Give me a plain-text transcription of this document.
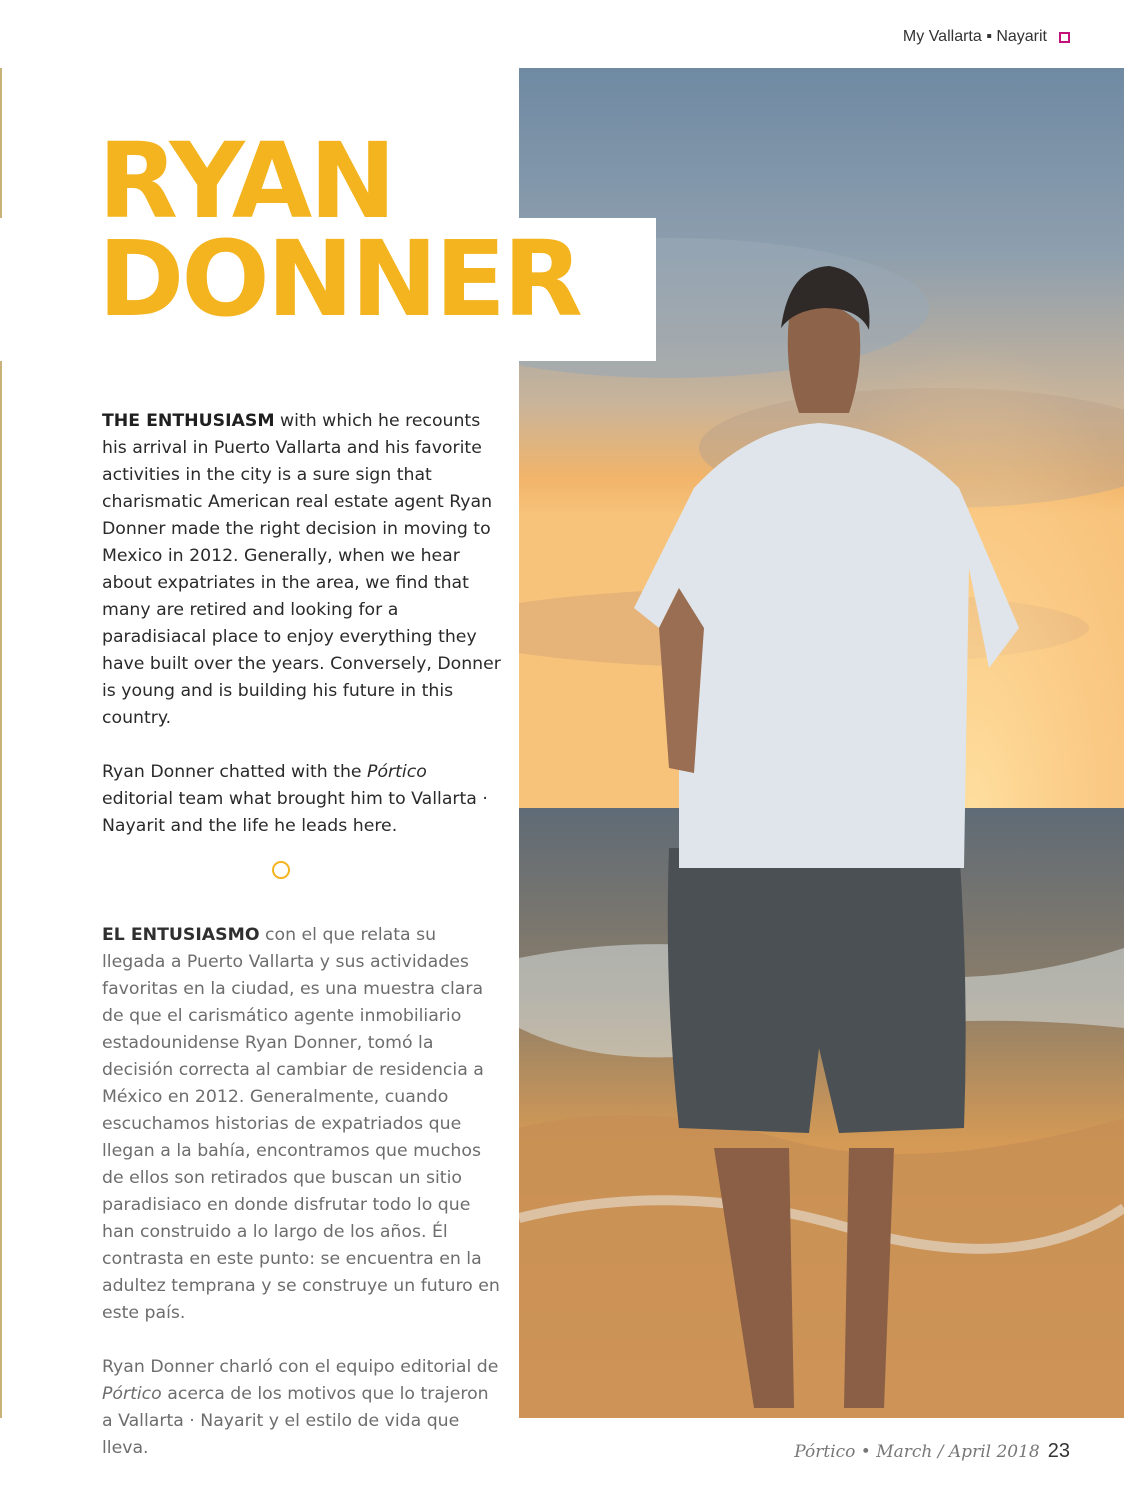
My Vallarta ▪ Nayarit
RYAN
DONNER

THE ENTHUSIASM with which he recounts his arrival in Puerto Vallarta and his favorite activities in the city is a sure sign that charismatic American real estate agent Ryan Donner made the right decision in moving to Mexico in 2012. Generally, when we hear about expatriates in the area, we find that many are retired and looking for a paradisiacal place to enjoy everything they have built over the years. Conversely, Donner is young and is building his future in this country.

Ryan Donner chatted with the Pórtico editorial team what brought him to Vallarta · Nayarit and the life he leads here.

EL ENTUSIASMO con el que relata su llegada a Puerto Vallarta y sus actividades favoritas en la ciudad, es una muestra clara de que el carismático agente inmobiliario estadounidense Ryan Donner, tomó la decisión correcta al cambiar de residencia a México en 2012. Generalmente, cuando escuchamos historias de expatriados que llegan a la bahía, encontramos que muchos de ellos son retirados que buscan un sitio paradisiaco en donde disfrutar todo lo que han construido a lo largo de los años. Él contrasta en este punto: se encuentra en la adultez temprana y se construye un futuro en este país.

Ryan Donner charló con el equipo editorial de Pórtico acerca de los motivos que lo trajeron a Vallarta · Nayarit y el estilo de vida que lleva.	Pórtico • March / April 2018 23
